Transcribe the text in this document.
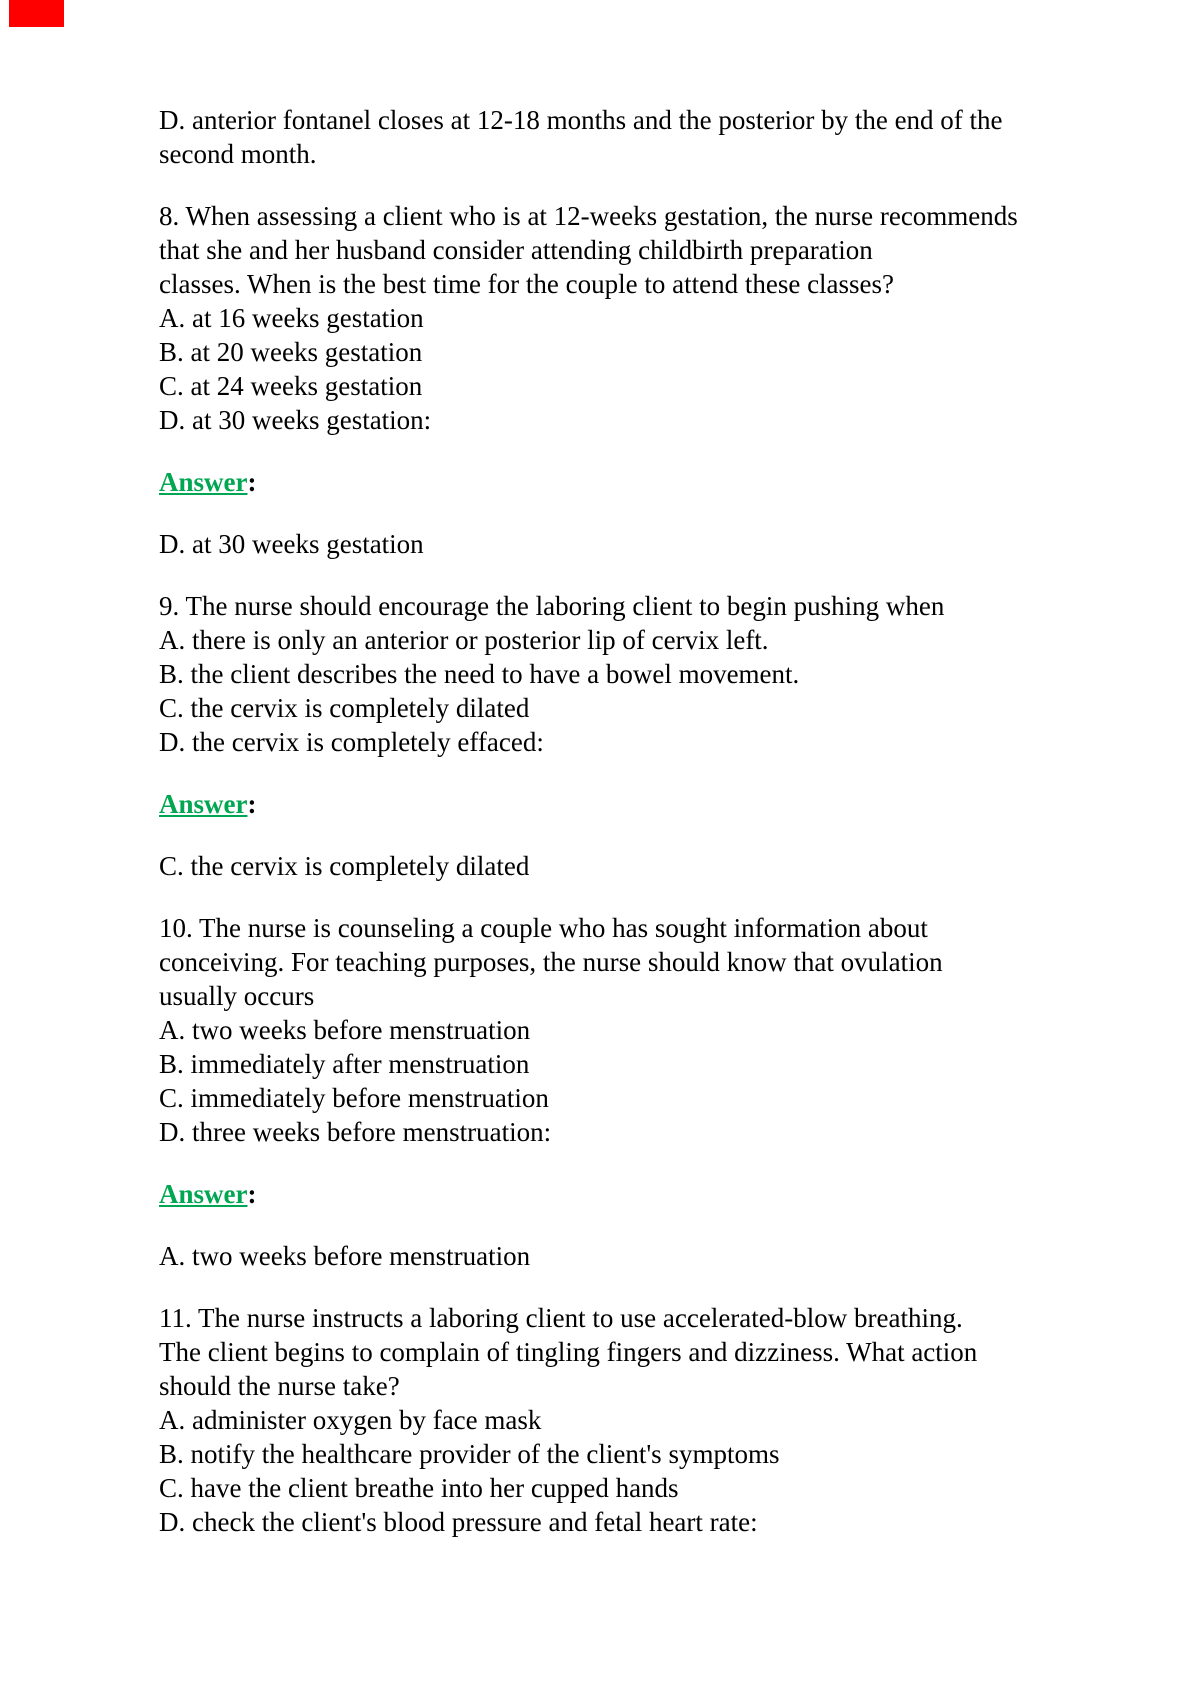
D. anterior fontanel closes at 12-18 months and the posterior by the end of the
second month.

8. When assessing a client who is at 12-weeks gestation, the nurse recommends
that she and her husband consider attending childbirth preparation
classes. When is the best time for the couple to attend these classes?
A. at 16 weeks gestation
B. at 20 weeks gestation
C. at 24 weeks gestation
D. at 30 weeks gestation:

Answer:

D. at 30 weeks gestation

9. The nurse should encourage the laboring client to begin pushing when
A. there is only an anterior or posterior lip of cervix left.
B. the client describes the need to have a bowel movement.
C. the cervix is completely dilated
D. the cervix is completely effaced:

Answer:

C. the cervix is completely dilated

10. The nurse is counseling a couple who has sought information about
conceiving. For teaching purposes, the nurse should know that ovulation
usually occurs
A. two weeks before menstruation
B. immediately after menstruation
C. immediately before menstruation
D. three weeks before menstruation:

Answer:

A. two weeks before menstruation

11. The nurse instructs a laboring client to use accelerated-blow breathing.
The client begins to complain of tingling fingers and dizziness. What action
should the nurse take?
A. administer oxygen by face mask
B. notify the healthcare provider of the client's symptoms
C. have the client breathe into her cupped hands
D. check the client's blood pressure and fetal heart rate:
